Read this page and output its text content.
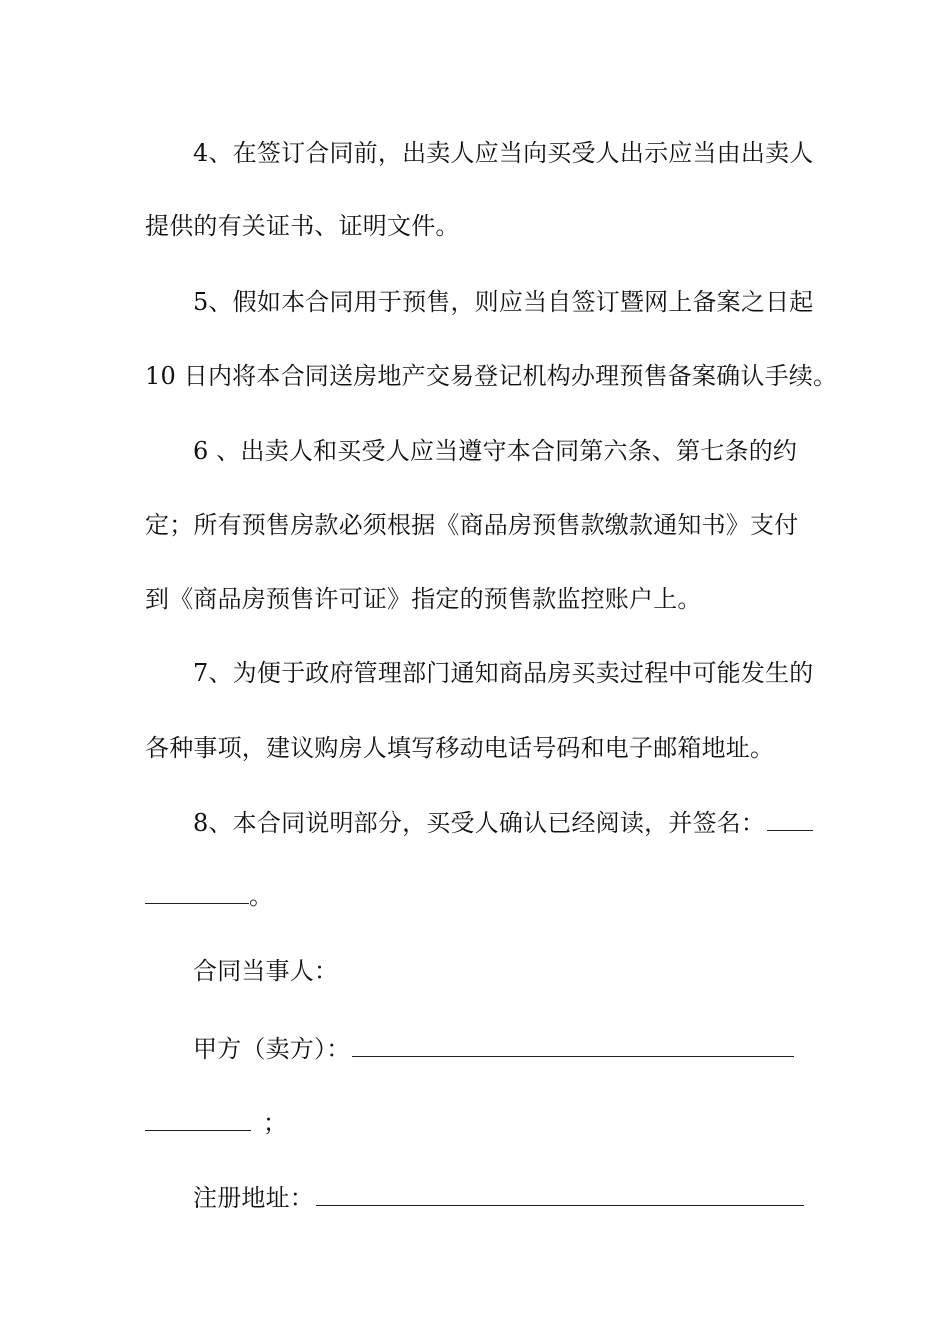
4、在签订合同前，出卖人应当向买受人出示应当由出卖人
提供的有关证书、证明文件。
5、假如本合同用于预售，则应当自签订暨网上备案之日起
10 日内将本合同送房地产交易登记机构办理预售备案确认手续。
6 、出卖人和买受人应当遵守本合同第六条、第七条的约
定；所有预售房款必须根据《商品房预售款缴款通知书》支付
到《商品房预售许可证》指定的预售款监控账户上。
7、为便于政府管理部门通知商品房买卖过程中可能发生的
各种事项，建议购房人填写移动电话号码和电子邮箱地址。
8、本合同说明部分，买受人确认已经阅读，并签名：
。
合同当事人：
甲方（卖方）：
；
注册地址：
